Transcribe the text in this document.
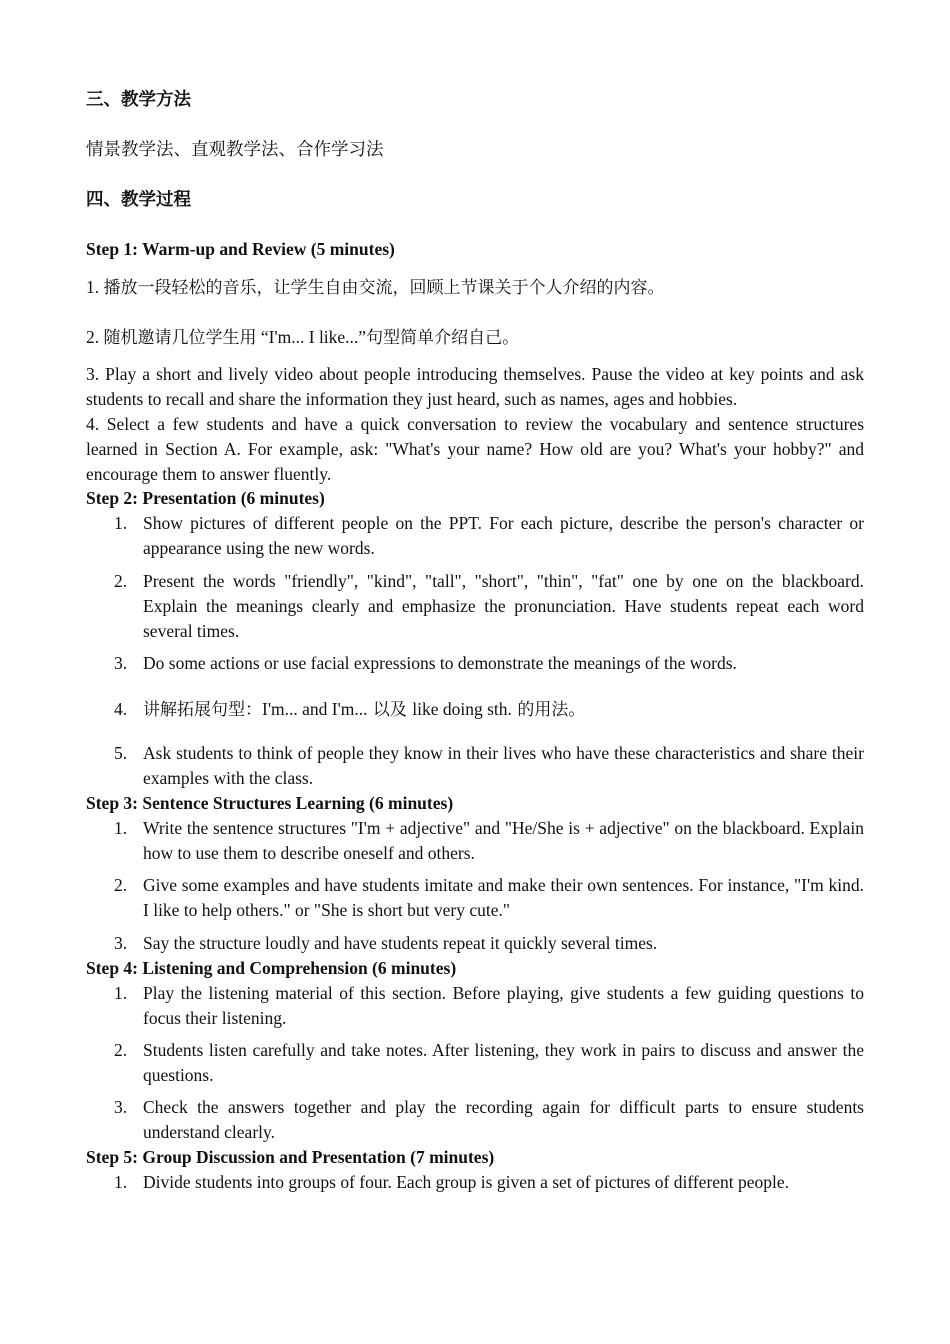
三、教学方法
情景教学法、直观教学法、合作学习法
四、教学过程
Step 1: Warm-up and Review (5 minutes)
1. 播放一段轻松的音乐，让学生自由交流，回顾上节课关于个人介绍的内容。
2. 随机邀请几位学生用 “I'm... I like...”句型简单介绍自己。
3. Play a short and lively video about people introducing themselves. Pause the video at key points and ask students to recall and share the information they just heard, such as names, ages and hobbies.
4. Select a few students and have a quick conversation to review the vocabulary and sentence structures learned in Section A. For example, ask: "What's your name? How old are you? What's your hobby?" and encourage them to answer fluently.
Step 2: Presentation (6 minutes)
1. Show pictures of different people on the PPT. For each picture, describe the person's character or appearance using the new words.
2. Present the words "friendly", "kind", "tall", "short", "thin", "fat" one by one on the blackboard. Explain the meanings clearly and emphasize the pronunciation. Have students repeat each word several times.
3. Do some actions or use facial expressions to demonstrate the meanings of the words.
4. 讲解拓展句型：I'm... and I'm... 以及 like doing sth. 的用法。
5. Ask students to think of people they know in their lives who have these characteristics and share their examples with the class.
Step 3: Sentence Structures Learning (6 minutes)
1. Write the sentence structures "I'm + adjective" and "He/She is + adjective" on the blackboard. Explain how to use them to describe oneself and others.
2. Give some examples and have students imitate and make their own sentences. For instance, "I'm kind. I like to help others." or "She is short but very cute."
3. Say the structure loudly and have students repeat it quickly several times.
Step 4: Listening and Comprehension (6 minutes)
1. Play the listening material of this section. Before playing, give students a few guiding questions to focus their listening.
2. Students listen carefully and take notes. After listening, they work in pairs to discuss and answer the questions.
3. Check the answers together and play the recording again for difficult parts to ensure students understand clearly.
Step 5: Group Discussion and Presentation (7 minutes)
1. Divide students into groups of four. Each group is given a set of pictures of different people.
